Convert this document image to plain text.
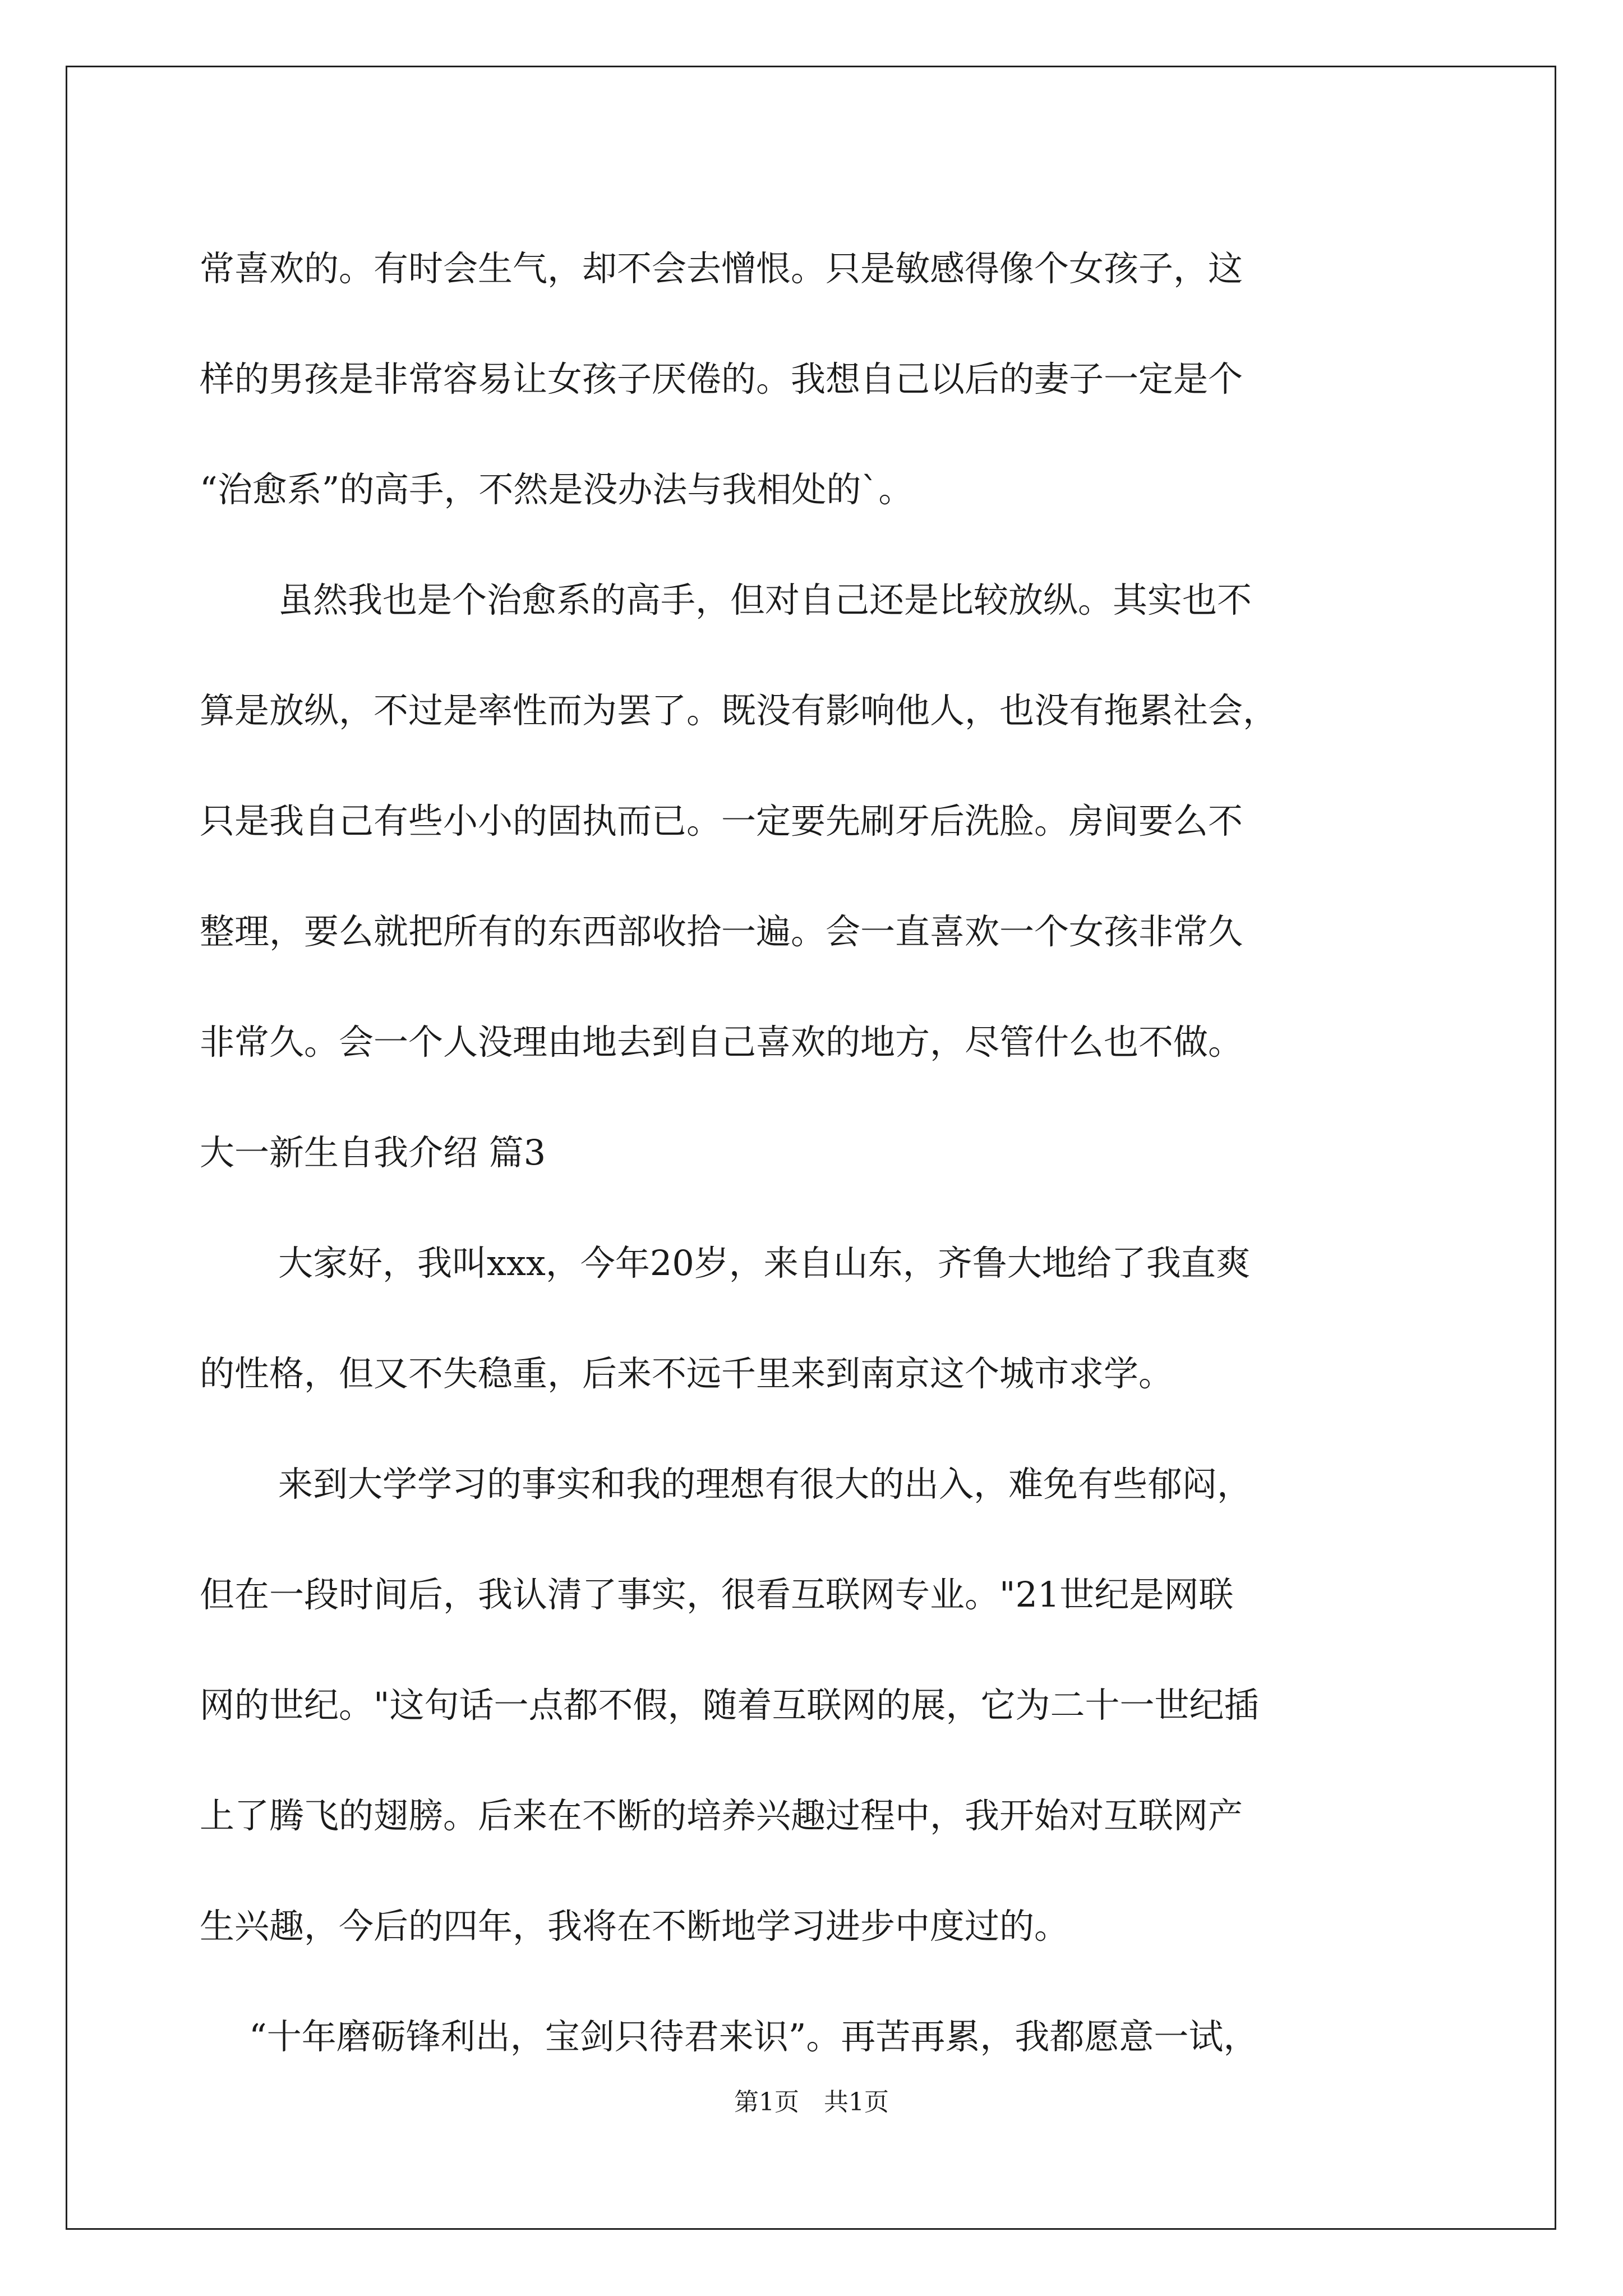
常喜欢的。有时会生气，却不会去憎恨。只是敏感得像个女孩子，这
样的男孩是非常容易让女孩子厌倦的。我想自己以后的妻子一定是个
“治愈系”的高手，不然是没办法与我相处的`。
虽然我也是个治愈系的高手，但对自己还是比较放纵。其实也不
算是放纵，不过是率性而为罢了。既没有影响他人，也没有拖累社会，
只是我自己有些小小的固执而已。一定要先刷牙后洗脸。房间要么不
整理，要么就把所有的东西部收拾一遍。会一直喜欢一个女孩非常久
非常久。会一个人没理由地去到自己喜欢的地方，尽管什么也不做。
大一新生自我介绍 篇3
大家好，我叫xxx，今年20岁，来自山东，齐鲁大地给了我直爽
的性格，但又不失稳重，后来不远千里来到南京这个城市求学。
来到大学学习的事实和我的理想有很大的出入，难免有些郁闷，
但在一段时间后，我认清了事实，很看互联网专业。"21世纪是网联
网的世纪。"这句话一点都不假，随着互联网的展，它为二十一世纪插
上了腾飞的翅膀。后来在不断的培养兴趣过程中，我开始对互联网产
生兴趣，今后的四年，我将在不断地学习进步中度过的。
“十年磨砺锋利出，宝剑只待君来识”。再苦再累，我都愿意一试，
第1页　共1页
